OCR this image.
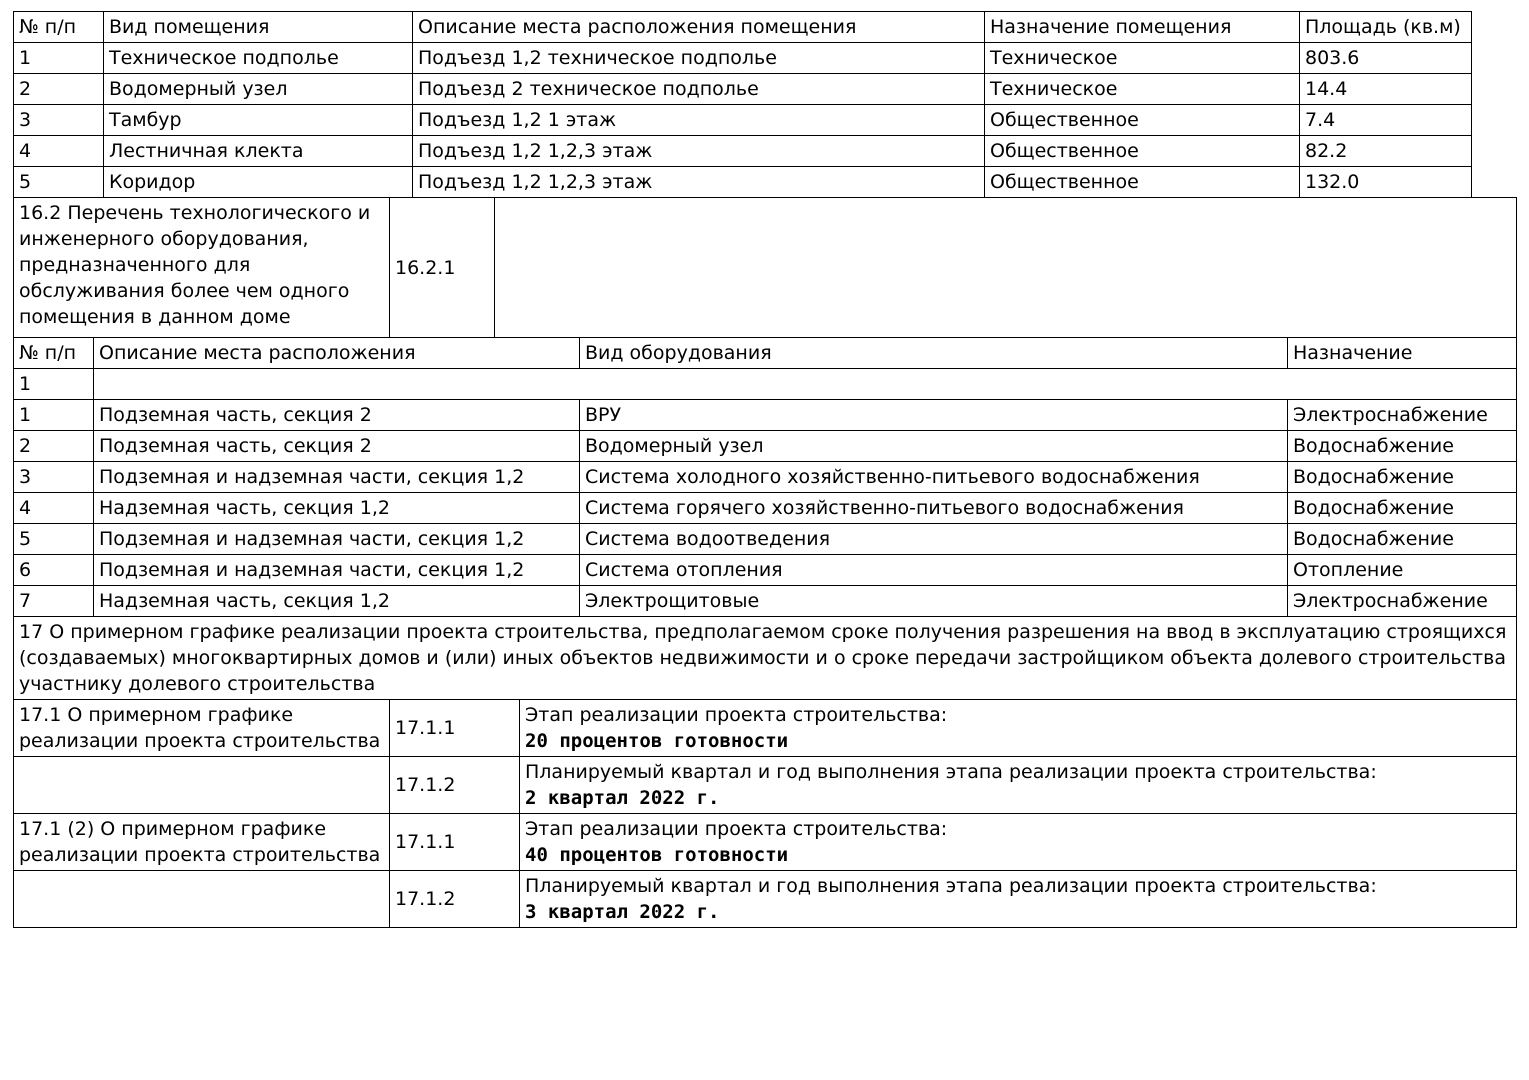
№ п/п	Вид помещения	Описание места расположения помещения	Назначение помещения	Площадь (кв.м)
1	Техническое подполье	Подъезд 1,2 техническое подполье	Техническое	803.6
2	Водомерный узел	Подъезд 2 техническое подполье	Техническое	14.4
3	Тамбур	Подъезд 1,2 1 этаж	Общественное	7.4
4	Лестничная клекта	Подъезд 1,2 1,2,3 этаж	Общественное	82.2
5	Коридор	Подъезд 1,2 1,2,3 этаж	Общественное	132.0
16.2 Перечень технологического и инженерного оборудования, предназначенного для обслуживания более чем одного помещения в данном доме	16.2.1	
№ п/п	Описание места расположения	Вид оборудования	Назначение
1			
1	Подземная часть, секция 2	ВРУ	Электроснабжение
2	Подземная часть, секция 2	Водомерный узел	Водоснабжение
3	Подземная и надземная части, секция 1,2	Система холодного хозяйственно-питьевого водоснабжения	Водоснабжение
4	Надземная часть, секция 1,2	Система горячего хозяйственно-питьевого водоснабжения	Водоснабжение
5	Подземная и надземная части, секция 1,2	Система водоотведения	Водоснабжение
6	Подземная и надземная части, секция 1,2	Система отопления	Отопление
7	Надземная часть, секция 1,2	Электрощитовые	Электроснабжение
17 О примерном графике реализации проекта строительства, предполагаемом сроке получения разрешения на ввод в эксплуатацию строящихся (создаваемых) многоквартирных домов и (или) иных объектов недвижимости и о сроке передачи застройщиком объекта долевого строительства участнику долевого строительства
17.1 О примерном графике реализации проекта строительства	17.1.1	Этап реализации проекта строительства:
20 процентов готовности

	17.1.2	Планируемый квартал и год выполнения этапа реализации проекта строительства:
2 квартал 2022 г.

17.1 (2) О примерном графике реализации проекта строительства	17.1.1	Этап реализации проекта строительства:
40 процентов готовности

	17.1.2	Планируемый квартал и год выполнения этапа реализации проекта строительства:
3 квартал 2022 г.
